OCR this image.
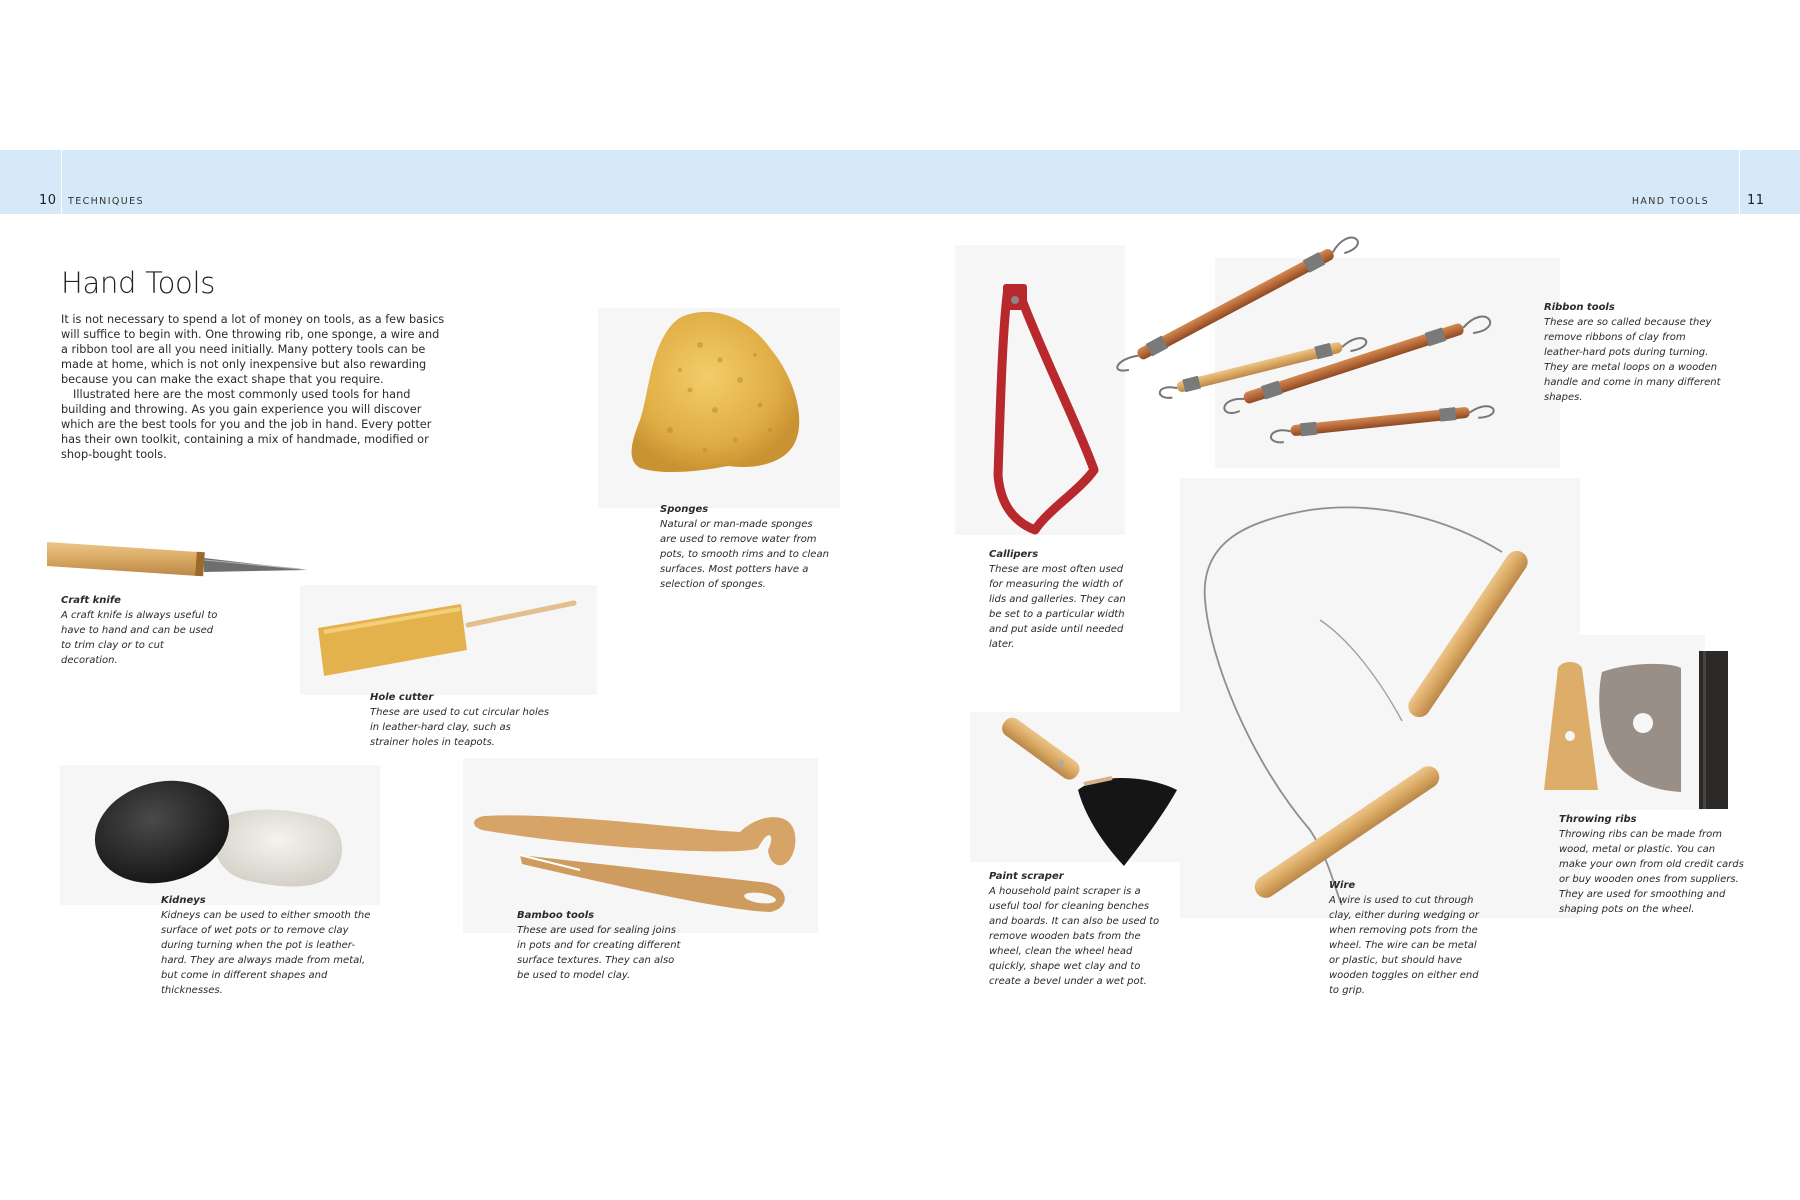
10 TECHNIQUES	HAND TOOLS	11
Hand Tools

It is not necessary to spend a lot of money on tools, as a few basics will suffice to begin with. One throwing rib, one sponge, a wire and a ribbon tool are all you need initially. Many pottery tools can be made at home, which is not only inexpensive but also rewarding because you can make the exact shape that you require.

Illustrated here are the most commonly used tools for hand building and throwing. As you gain experience you will discover which are the best tools for you and the job in hand. Every potter has their own toolkit, containing a mix of handmade, modified or shop-bought tools.

Sponges
Natural or man-made sponges are used to remove water from pots, to smooth rims and to clean surfaces. Most potters have a selection of sponges.
Craft knife
A craft knife is always useful to have to hand and can be used to trim clay or to cut decoration.
Hole cutter
These are used to cut circular holes in leather-hard clay, such as strainer holes in teapots.
Kidneys
Kidneys can be used to either smooth the surface of wet pots or to remove clay during turning when the pot is leather-hard. They are always made from metal, but come in different shapes and thicknesses.
Bamboo tools
These are used for sealing joins in pots and for creating different surface textures. They can also be used to model clay.
Callipers
These are most often used for measuring the width of lids and galleries. They can be set to a particular width and put aside until needed later.
Ribbon tools
These are so called because they remove ribbons of clay from leather-hard pots during turning. They are metal loops on a wooden handle and come in many different shapes.
Paint scraper
A household paint scraper is a useful tool for cleaning benches and boards. It can also be used to remove wooden bats from the wheel, clean the wheel head quickly, shape wet clay and to create a bevel under a wet pot.
Wire
A wire is used to cut through clay, either during wedging or when removing pots from the wheel. The wire can be metal or plastic, but should have wooden toggles on either end to grip.
Throwing ribs
Throwing ribs can be made from wood, metal or plastic. You can make your own from old credit cards or buy wooden ones from suppliers. They are used for smoothing and shaping pots on the wheel.
